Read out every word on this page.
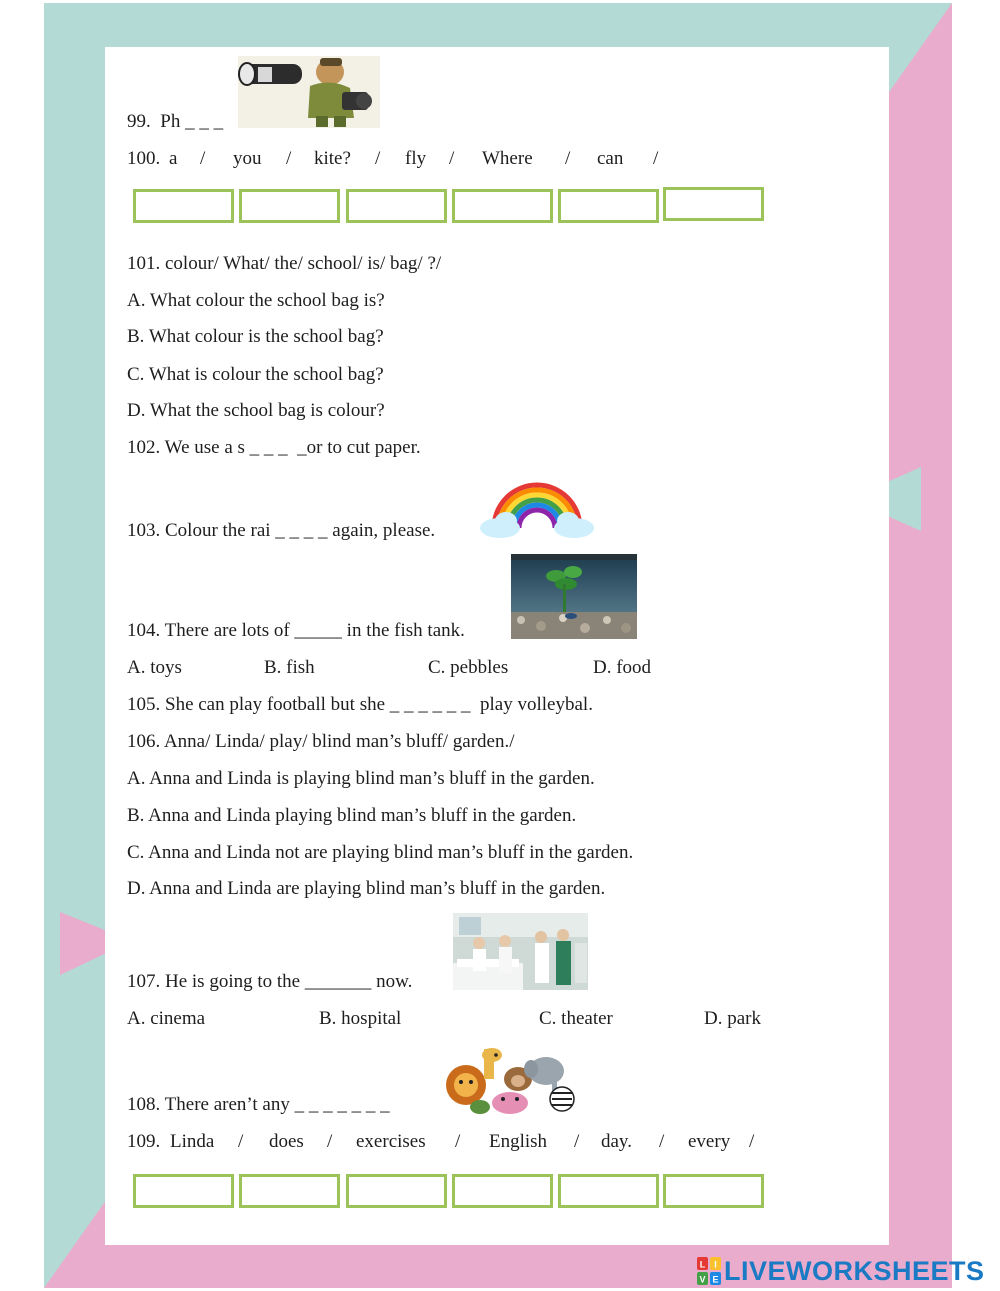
99.  Ph _ _ _
100. a / you / kite? / fly / Where / can /
101. colour/ What/ the/ school/ is/ bag/ ?/
A. What colour the school bag is?
B. What colour is the school bag?
C. What is colour the school bag?
D. What the school bag is colour?
102. We use a s _ _ _  _or to cut paper.
103. Colour the rai _ _ _ _ again, please.
104. There are lots of _____ in the fish tank.
A. toys	B. fish	C. pebbles	D. food
105. She can play football but she _ _ _ _ _ _  play volleybal.
106. Anna/ Linda/ play/ blind man’s bluff/ garden./
A. Anna and Linda is playing blind man’s bluff in the garden.
B. Anna and Linda playing blind man’s bluff in the garden.
C. Anna and Linda not are playing blind man’s bluff in the garden.
D. Anna and Linda are playing blind man’s bluff in the garden.
107. He is going to the _______ now.
A. cinema	B. hospital	C. theater	D. park
108. There aren’t any _ _ _ _ _ _ _
109. Linda / does / exercises / English / day. / every /
L I
V E LIVEWORKSHEETS
